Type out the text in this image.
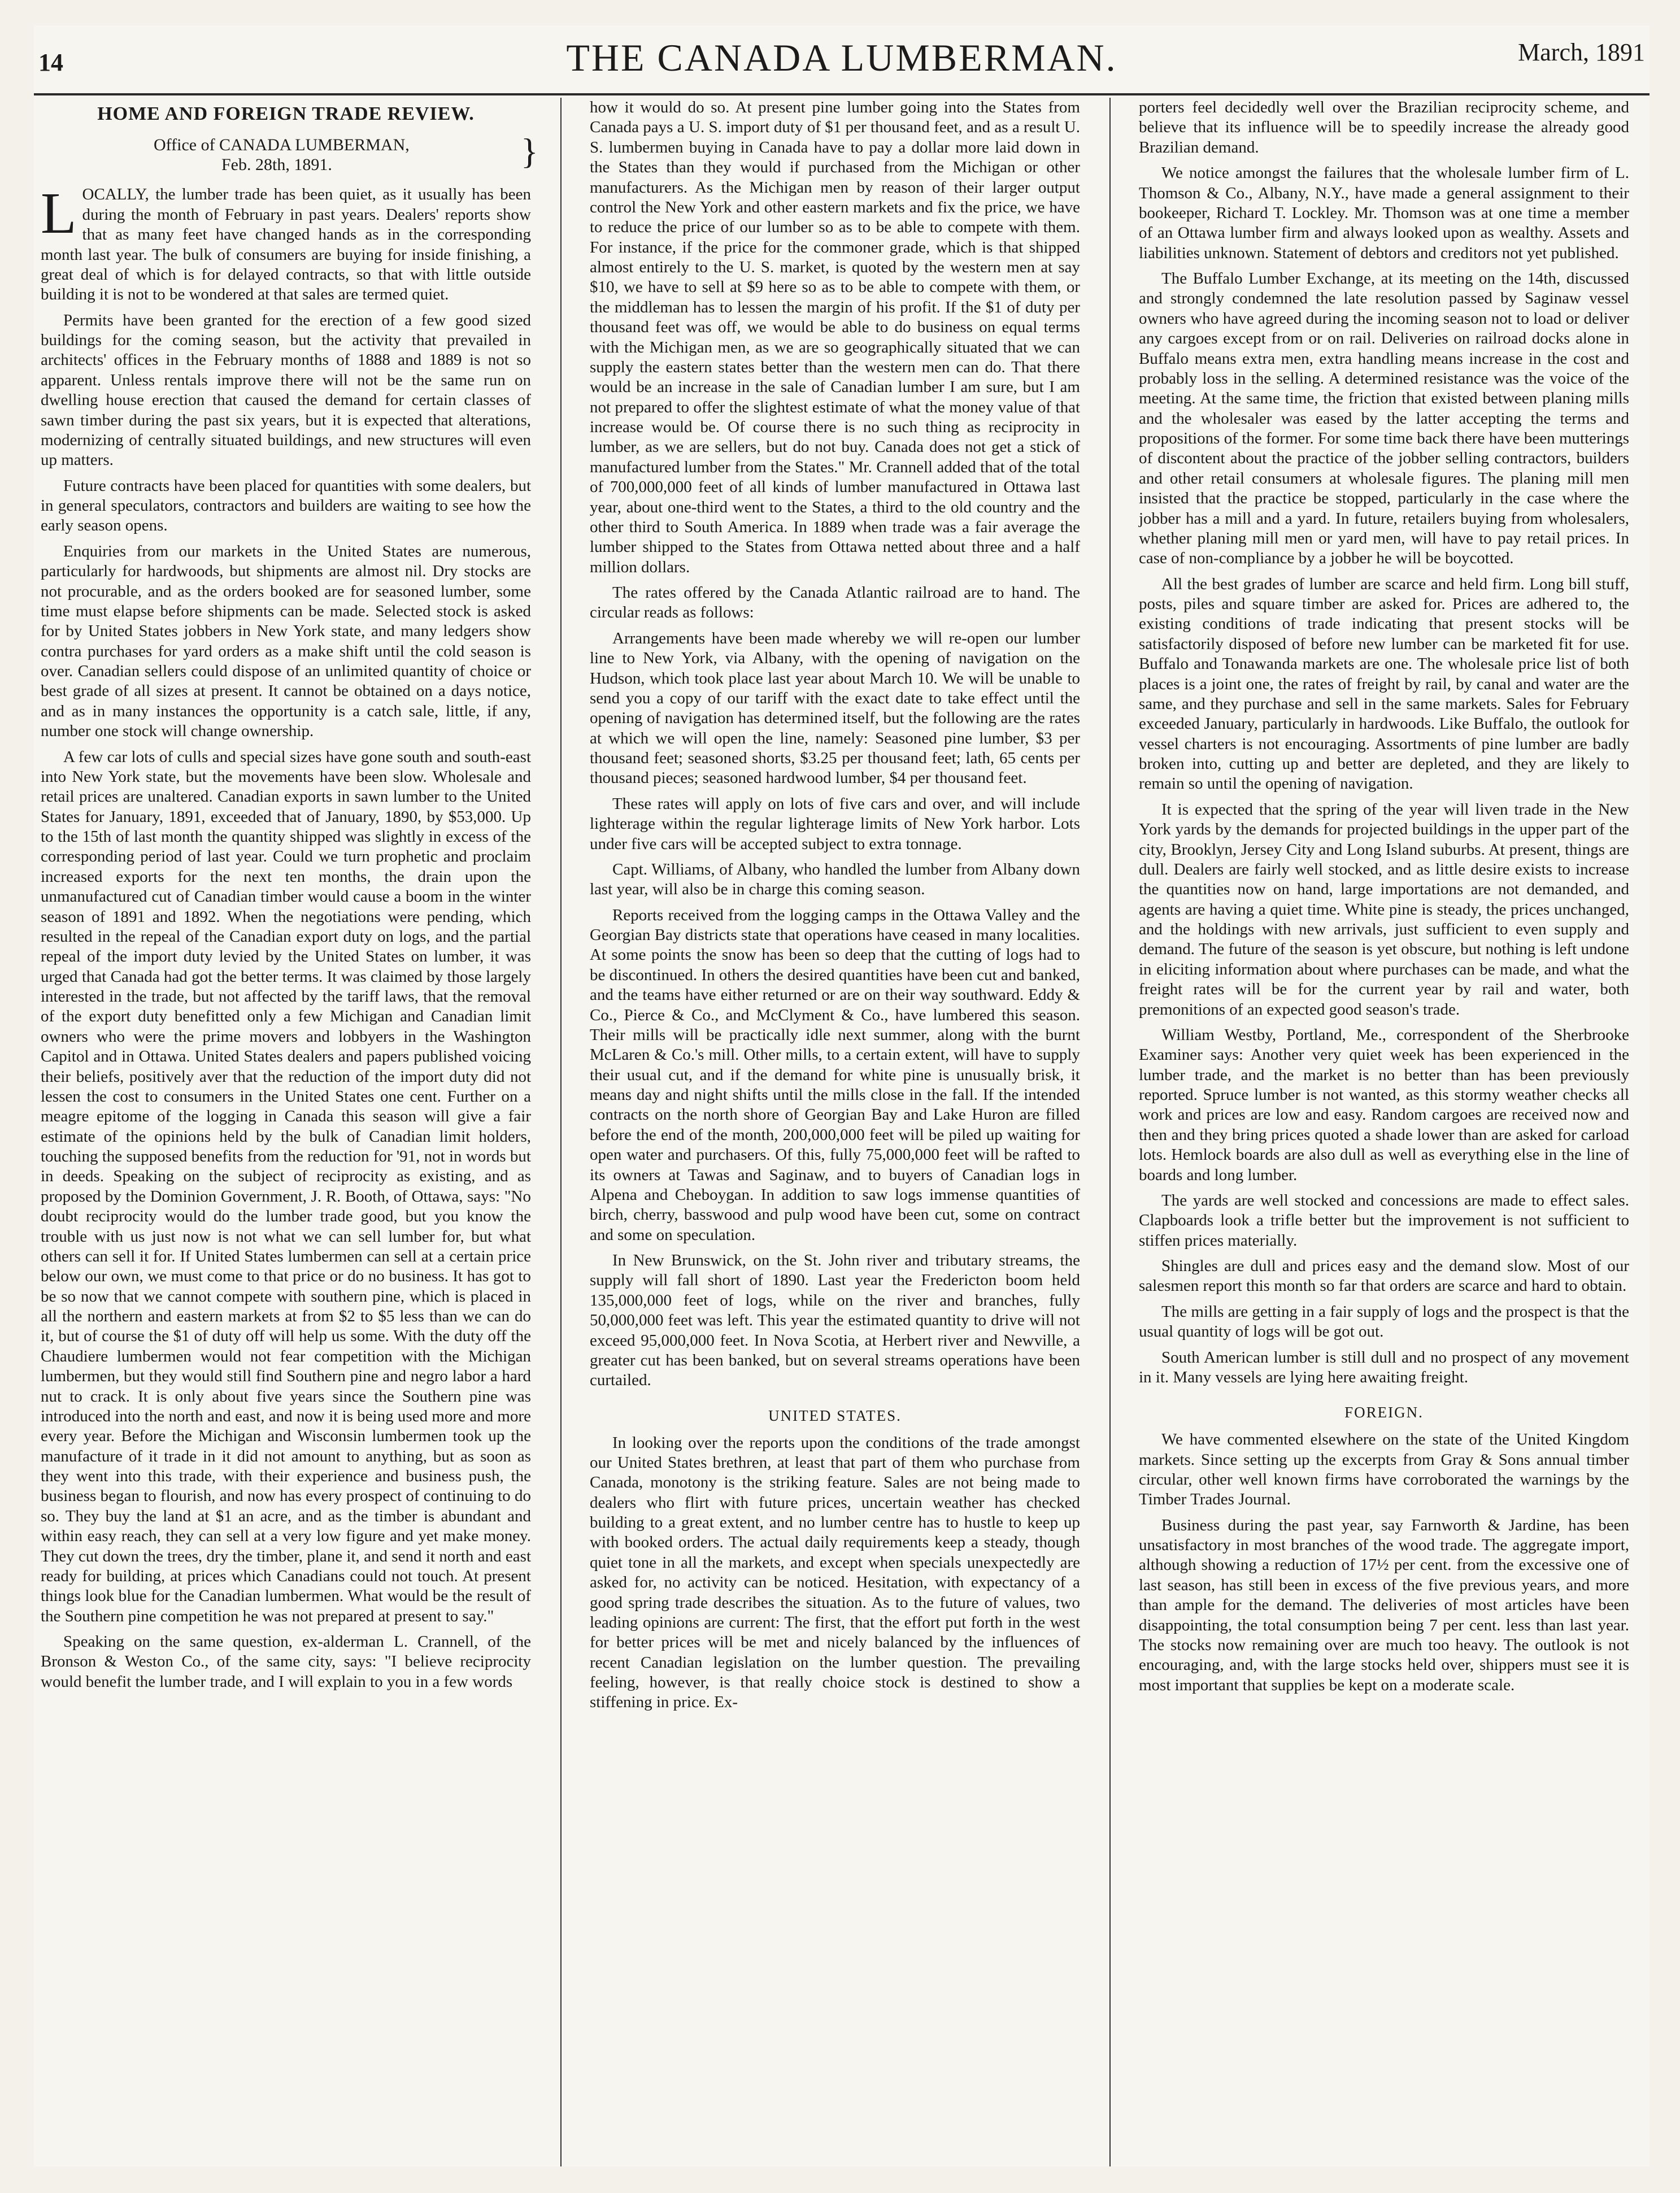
14	THE CANADA LUMBERMAN.	March, 1891
HOME AND FOREIGN TRADE REVIEW.
Office of CANADA LUMBERMAN,
Feb. 28th, 1891.	}

LOCALLY, the lumber trade has been quiet, as it usually has been during the month of February in past years. Dealers' reports show that as many feet have changed hands as in the corresponding month last year. The bulk of consumers are buying for inside finishing, a great deal of which is for delayed contracts, so that with little outside building it is not to be wondered at that sales are termed quiet.

Permits have been granted for the erection of a few good sized buildings for the coming season, but the activity that prevailed in architects' offices in the February months of 1888 and 1889 is not so apparent. Unless rentals improve there will not be the same run on dwelling house erection that caused the demand for certain classes of sawn timber during the past six years, but it is expected that alterations, modernizing of centrally situated buildings, and new structures will even up matters.

Future contracts have been placed for quantities with some dealers, but in general speculators, contractors and builders are waiting to see how the early season opens.

Enquiries from our markets in the United States are numerous, particularly for hardwoods, but shipments are almost nil. Dry stocks are not procurable, and as the orders booked are for seasoned lumber, some time must elapse before shipments can be made. Selected stock is asked for by United States jobbers in New York state, and many ledgers show contra purchases for yard orders as a make shift until the cold season is over. Canadian sellers could dispose of an unlimited quantity of choice or best grade of all sizes at present. It cannot be obtained on a days notice, and as in many instances the opportunity is a catch sale, little, if any, number one stock will change ownership.

A few car lots of culls and special sizes have gone south and south-east into New York state, but the movements have been slow. Wholesale and retail prices are unaltered. Canadian exports in sawn lumber to the United States for January, 1891, exceeded that of January, 1890, by $53,000. Up to the 15th of last month the quantity shipped was slightly in excess of the corresponding period of last year. Could we turn prophetic and proclaim increased exports for the next ten months, the drain upon the unmanufactured cut of Canadian timber would cause a boom in the winter season of 1891 and 1892. When the negotiations were pending, which resulted in the repeal of the Canadian export duty on logs, and the partial repeal of the import duty levied by the United States on lumber, it was urged that Canada had got the better terms. It was claimed by those largely interested in the trade, but not affected by the tariff laws, that the removal of the export duty benefitted only a few Michigan and Canadian limit owners who were the prime movers and lobbyers in the Washington Capitol and in Ottawa. United States dealers and papers published voicing their beliefs, positively aver that the reduction of the import duty did not lessen the cost to consumers in the United States one cent. Further on a meagre epitome of the logging in Canada this season will give a fair estimate of the opinions held by the bulk of Canadian limit holders, touching the supposed benefits from the reduction for '91, not in words but in deeds. Speaking on the subject of reciprocity as existing, and as proposed by the Dominion Government, J. R. Booth, of Ottawa, says: "No doubt reciprocity would do the lumber trade good, but you know the trouble with us just now is not what we can sell lumber for, but what others can sell it for. If United States lumbermen can sell at a certain price below our own, we must come to that price or do no business. It has got to be so now that we cannot compete with southern pine, which is placed in all the northern and eastern markets at from $2 to $5 less than we can do it, but of course the $1 of duty off will help us some. With the duty off the Chaudiere lumbermen would not fear competition with the Michigan lumbermen, but they would still find Southern pine and negro labor a hard nut to crack. It is only about five years since the Southern pine was introduced into the north and east, and now it is being used more and more every year. Before the Michigan and Wisconsin lumbermen took up the manufacture of it trade in it did not amount to anything, but as soon as they went into this trade, with their experience and business push, the business began to flourish, and now has every prospect of continuing to do so. They buy the land at $1 an acre, and as the timber is abundant and within easy reach, they can sell at a very low figure and yet make money. They cut down the trees, dry the timber, plane it, and send it north and east ready for building, at prices which Canadians could not touch. At present things look blue for the Canadian lumbermen. What would be the result of the Southern pine competition he was not prepared at present to say."

Speaking on the same question, ex-alderman L. Crannell, of the Bronson & Weston Co., of the same city, says: "I believe reciprocity would benefit the lumber trade, and I will explain to you in a few words

how it would do so. At present pine lumber going into the States from Canada pays a U. S. import duty of $1 per thousand feet, and as a result U. S. lumbermen buying in Canada have to pay a dollar more laid down in the States than they would if purchased from the Michigan or other manufacturers. As the Michigan men by reason of their larger output control the New York and other eastern markets and fix the price, we have to reduce the price of our lumber so as to be able to compete with them. For instance, if the price for the commoner grade, which is that shipped almost entirely to the U. S. market, is quoted by the western men at say $10, we have to sell at $9 here so as to be able to compete with them, or the middleman has to lessen the margin of his profit. If the $1 of duty per thousand feet was off, we would be able to do business on equal terms with the Michigan men, as we are so geographically situated that we can supply the eastern states better than the western men can do. That there would be an increase in the sale of Canadian lumber I am sure, but I am not prepared to offer the slightest estimate of what the money value of that increase would be. Of course there is no such thing as reciprocity in lumber, as we are sellers, but do not buy. Canada does not get a stick of manufactured lumber from the States." Mr. Crannell added that of the total of 700,000,000 feet of all kinds of lumber manufactured in Ottawa last year, about one-third went to the States, a third to the old country and the other third to South America. In 1889 when trade was a fair average the lumber shipped to the States from Ottawa netted about three and a half million dollars.

The rates offered by the Canada Atlantic railroad are to hand. The circular reads as follows:

Arrangements have been made whereby we will re-open our lumber line to New York, via Albany, with the opening of navigation on the Hudson, which took place last year about March 10. We will be unable to send you a copy of our tariff with the exact date to take effect until the opening of navigation has determined itself, but the following are the rates at which we will open the line, namely: Seasoned pine lumber, $3 per thousand feet; seasoned shorts, $3.25 per thousand feet; lath, 65 cents per thousand pieces; seasoned hardwood lumber, $4 per thousand feet.

These rates will apply on lots of five cars and over, and will include lighterage within the regular lighterage limits of New York harbor. Lots under five cars will be accepted subject to extra tonnage.

Capt. Williams, of Albany, who handled the lumber from Albany down last year, will also be in charge this coming season.

Reports received from the logging camps in the Ottawa Valley and the Georgian Bay districts state that operations have ceased in many localities. At some points the snow has been so deep that the cutting of logs had to be discontinued. In others the desired quantities have been cut and banked, and the teams have either returned or are on their way southward. Eddy & Co., Pierce & Co., and McClyment & Co., have lumbered this season. Their mills will be practically idle next summer, along with the burnt McLaren & Co.'s mill. Other mills, to a certain extent, will have to supply their usual cut, and if the demand for white pine is unusually brisk, it means day and night shifts until the mills close in the fall. If the intended contracts on the north shore of Georgian Bay and Lake Huron are filled before the end of the month, 200,000,000 feet will be piled up waiting for open water and purchasers. Of this, fully 75,000,000 feet will be rafted to its owners at Tawas and Saginaw, and to buyers of Canadian logs in Alpena and Cheboygan. In addition to saw logs immense quantities of birch, cherry, basswood and pulp wood have been cut, some on contract and some on speculation.

In New Brunswick, on the St. John river and tributary streams, the supply will fall short of 1890. Last year the Fredericton boom held 135,000,000 feet of logs, while on the river and branches, fully 50,000,000 feet was left. This year the estimated quantity to drive will not exceed 95,000,000 feet. In Nova Scotia, at Herbert river and Newville, a greater cut has been banked, but on several streams operations have been curtailed.

UNITED STATES.

In looking over the reports upon the conditions of the trade amongst our United States brethren, at least that part of them who purchase from Canada, monotony is the striking feature. Sales are not being made to dealers who flirt with future prices, uncertain weather has checked building to a great extent, and no lumber centre has to hustle to keep up with booked orders. The actual daily requirements keep a steady, though quiet tone in all the markets, and except when specials unexpectedly are asked for, no activity can be noticed. Hesitation, with expectancy of a good spring trade describes the situation. As to the future of values, two leading opinions are current: The first, that the effort put forth in the west for better prices will be met and nicely balanced by the influences of recent Canadian legislation on the lumber question. The prevailing feeling, however, is that really choice stock is destined to show a stiffening in price. Ex-

porters feel decidedly well over the Brazilian reciprocity scheme, and believe that its influence will be to speedily increase the already good Brazilian demand.

We notice amongst the failures that the wholesale lumber firm of L. Thomson & Co., Albany, N.Y., have made a general assignment to their bookeeper, Richard T. Lockley. Mr. Thomson was at one time a member of an Ottawa lumber firm and always looked upon as wealthy. Assets and liabilities unknown. Statement of debtors and creditors not yet published.

The Buffalo Lumber Exchange, at its meeting on the 14th, discussed and strongly condemned the late resolution passed by Saginaw vessel owners who have agreed during the incoming season not to load or deliver any cargoes except from or on rail. Deliveries on railroad docks alone in Buffalo means extra men, extra handling means increase in the cost and probably loss in the selling. A determined resistance was the voice of the meeting. At the same time, the friction that existed between planing mills and the wholesaler was eased by the latter accepting the terms and propositions of the former. For some time back there have been mutterings of discontent about the practice of the jobber selling contractors, builders and other retail consumers at wholesale figures. The planing mill men insisted that the practice be stopped, particularly in the case where the jobber has a mill and a yard. In future, retailers buying from wholesalers, whether planing mill men or yard men, will have to pay retail prices. In case of non-compliance by a jobber he will be boycotted.

All the best grades of lumber are scarce and held firm. Long bill stuff, posts, piles and square timber are asked for. Prices are adhered to, the existing conditions of trade indicating that present stocks will be satisfactorily disposed of before new lumber can be marketed fit for use. Buffalo and Tonawanda markets are one. The wholesale price list of both places is a joint one, the rates of freight by rail, by canal and water are the same, and they purchase and sell in the same markets. Sales for February exceeded January, particularly in hardwoods. Like Buffalo, the outlook for vessel charters is not encouraging. Assortments of pine lumber are badly broken into, cutting up and better are depleted, and they are likely to remain so until the opening of navigation.

It is expected that the spring of the year will liven trade in the New York yards by the demands for projected buildings in the upper part of the city, Brooklyn, Jersey City and Long Island suburbs. At present, things are dull. Dealers are fairly well stocked, and as little desire exists to increase the quantities now on hand, large importations are not demanded, and agents are having a quiet time. White pine is steady, the prices unchanged, and the holdings with new arrivals, just sufficient to even supply and demand. The future of the season is yet obscure, but nothing is left undone in eliciting information about where purchases can be made, and what the freight rates will be for the current year by rail and water, both premonitions of an expected good season's trade.

William Westby, Portland, Me., correspondent of the Sherbrooke Examiner says: Another very quiet week has been experienced in the lumber trade, and the market is no better than has been previously reported. Spruce lumber is not wanted, as this stormy weather checks all work and prices are low and easy. Random cargoes are received now and then and they bring prices quoted a shade lower than are asked for carload lots. Hemlock boards are also dull as well as everything else in the line of boards and long lumber.

The yards are well stocked and concessions are made to effect sales. Clapboards look a trifle better but the improvement is not sufficient to stiffen prices materially.

Shingles are dull and prices easy and the demand slow. Most of our salesmen report this month so far that orders are scarce and hard to obtain.

The mills are getting in a fair supply of logs and the prospect is that the usual quantity of logs will be got out.

South American lumber is still dull and no prospect of any movement in it. Many vessels are lying here awaiting freight.

FOREIGN.

We have commented elsewhere on the state of the United Kingdom markets. Since setting up the excerpts from Gray & Sons annual timber circular, other well known firms have corroborated the warnings by the Timber Trades Journal.

Business during the past year, say Farnworth & Jardine, has been unsatisfactory in most branches of the wood trade. The aggregate import, although showing a reduction of 17½ per cent. from the excessive one of last season, has still been in excess of the five previous years, and more than ample for the demand. The deliveries of most articles have been disappointing, the total consumption being 7 per cent. less than last year. The stocks now remaining over are much too heavy. The outlook is not encouraging, and, with the large stocks held over, shippers must see it is most important that supplies be kept on a moderate scale.
